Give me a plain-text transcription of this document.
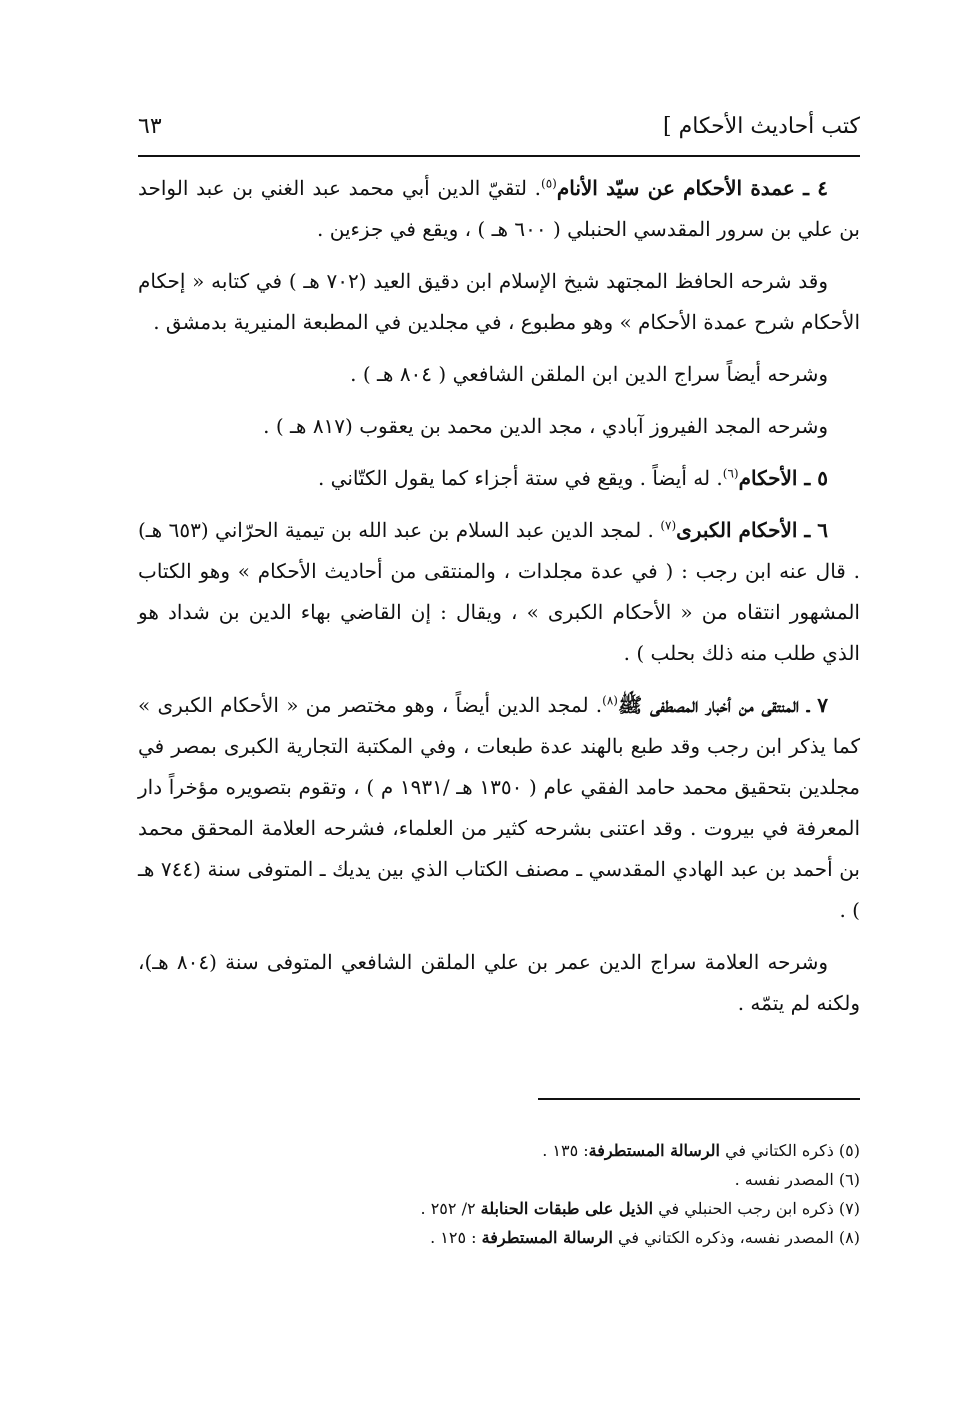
كتب أحاديث الأحكام ]
٦٣

٤ ـ عمدة الأحكام عن سيّد الأنام$^{(٥)}$. لتقيّ الدين أبي محمد عبد الغني بن عبد الواحد بن علي بن سرور المقدسي الحنبلي ( ٦٠٠ هـ ) ، ويقع في جزءين .

وقد شرحه الحافظ المجتهد شيخ الإسلام ابن دقيق العيد (٧٠٢ هـ ) في كتابه « إحكام الأحكام شرح عمدة الأحكام » وهو مطبوع ، في مجلدين في المطبعة المنيرية بدمشق .

وشرحه أيضاً سراج الدين ابن الملقن الشافعي ( ٨٠٤ هـ ) .

وشرحه المجد الفيروز آبادي ، مجد الدين محمد بن يعقوب (٨١٧ هـ ) .

٥ ـ الأحكام$^{(٦)}$. له أيضاً . ويقع في ستة أجزاء كما يقول الكتّاني .

٦ ـ الأحكام الكبرى$^{(٧)}$ . لمجد الدين عبد السلام بن عبد الله بن تيمية الحرّاني (٦٥٣ هـ) . قال عنه ابن رجب : ( في عدة مجلدات ، والمنتقى من أحاديث الأحكام » وهو الكتاب المشهور انتقاه من « الأحكام الكبرى » ، ويقال : إن القاضي بهاء الدين بن شداد هو الذي طلب منه ذلك بحلب ) .

٧ ـ المنتقى من أخبار المصطفى ﷺ$^{(٨)}$. لمجد الدين أيضاً ، وهو مختصر من « الأحكام الكبرى » كما يذكر ابن رجب وقد طبع بالهند عدة طبعات ، وفي المكتبة التجارية الكبرى بمصر في مجلدين بتحقيق محمد حامد الفقي عام ( ١٣٥٠ هـ /١٩٣١ م ) ، وتقوم بتصويره مؤخراً دار المعرفة في بيروت . وقد اعتنى بشرحه كثير من العلماء، فشرحه العلامة المحقق محمد بن أحمد بن عبد الهادي المقدسي ـ مصنف الكتاب الذي بين يديك ـ المتوفى سنة (٧٤٤ هـ ) .

وشرحه العلامة سراج الدين عمر بن علي الملقن الشافعي المتوفى سنة (٨٠٤ هـ)، ولكنه لم يتمّه .

(٥) ذكره الكتاني في الرسالة المستطرفة: ١٣٥ .

(٦) المصدر نفسه .

(٧) ذكره ابن رجب الحنبلي في الذيل على طبقات الحنابلة ٢/ ٢٥٢ .

(٨) المصدر نفسه، وذكره الكتاني في الرسالة المستطرفة : ١٢٥ .
